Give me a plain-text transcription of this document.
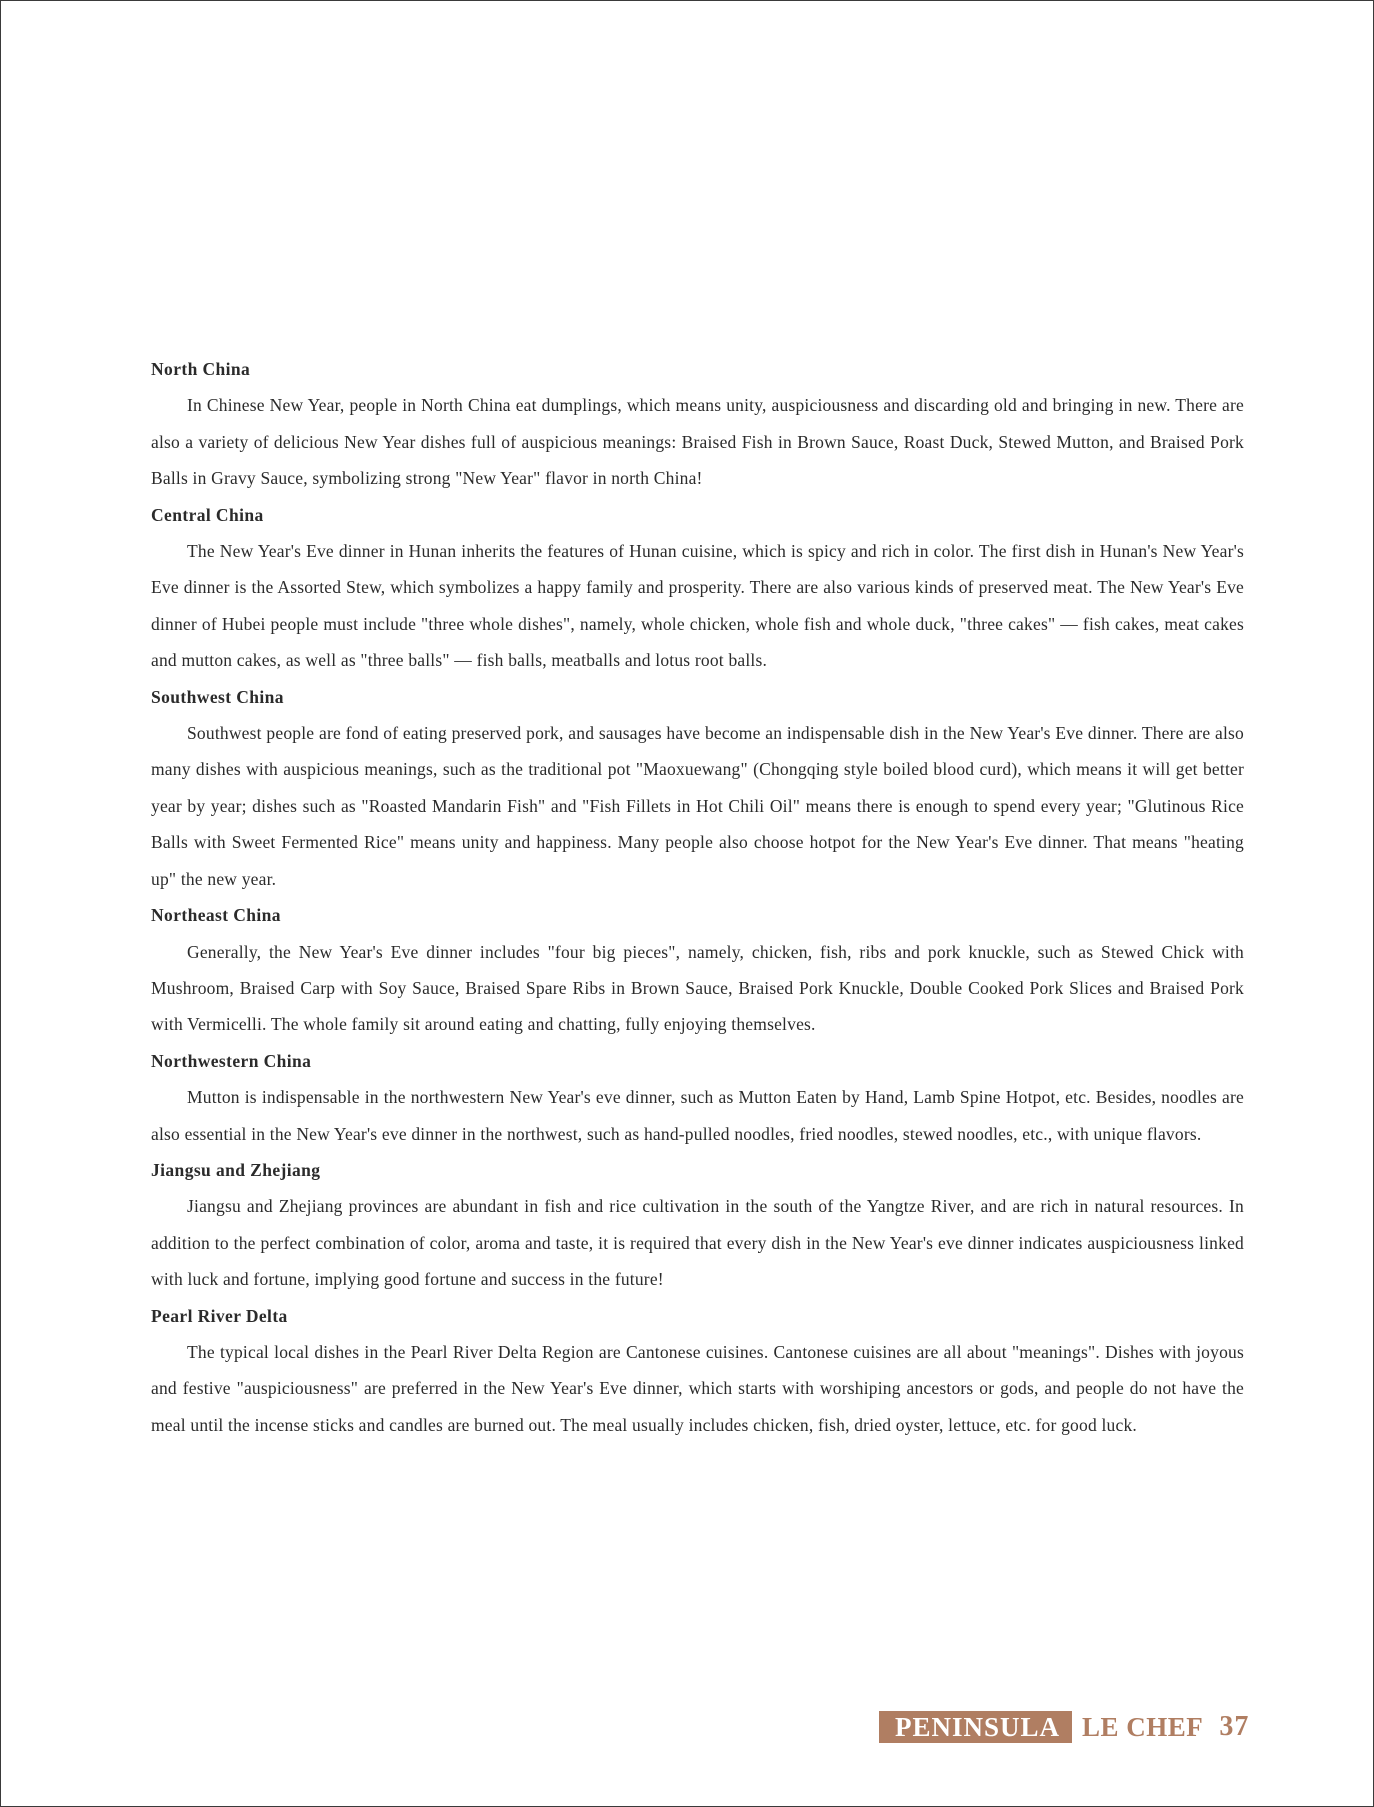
North China

In Chinese New Year, people in North China eat dumplings, which means unity, auspiciousness and discarding old and bringing in new. There are also a variety of delicious New Year dishes full of auspicious meanings: Braised Fish in Brown Sauce, Roast Duck, Stewed Mutton, and Braised Pork Balls in Gravy Sauce, symbolizing strong "New Year" flavor in north China!

Central China

The New Year's Eve dinner in Hunan inherits the features of Hunan cuisine, which is spicy and rich in color. The first dish in Hunan's New Year's Eve dinner is the Assorted Stew, which symbolizes a happy family and prosperity. There are also various kinds of preserved meat. The New Year's Eve dinner of Hubei people must include "three whole dishes", namely, whole chicken, whole fish and whole duck, "three cakes" — fish cakes, meat cakes and mutton cakes, as well as "three balls" — fish balls, meatballs and lotus root balls.

Southwest China

Southwest people are fond of eating preserved pork, and sausages have become an indispensable dish in the New Year's Eve dinner. There are also many dishes with auspicious meanings, such as the traditional pot "Maoxuewang" (Chongqing style boiled blood curd), which means it will get better year by year; dishes such as "Roasted Mandarin Fish" and "Fish Fillets in Hot Chili Oil" means there is enough to spend every year; "Glutinous Rice Balls with Sweet Fermented Rice" means unity and happiness. Many people also choose hotpot for the New Year's Eve dinner. That means "heating up" the new year.

Northeast China

Generally, the New Year's Eve dinner includes "four big pieces", namely, chicken, fish, ribs and pork knuckle, such as Stewed Chick with Mushroom, Braised Carp with Soy Sauce, Braised Spare Ribs in Brown Sauce, Braised Pork Knuckle, Double Cooked Pork Slices and Braised Pork with Vermicelli. The whole family sit around eating and chatting, fully enjoying themselves.

Northwestern China

Mutton is indispensable in the northwestern New Year's eve dinner, such as Mutton Eaten by Hand, Lamb Spine Hotpot, etc. Besides, noodles are also essential in the New Year's eve dinner in the northwest, such as hand-pulled noodles, fried noodles, stewed noodles, etc., with unique flavors.

Jiangsu and Zhejiang

Jiangsu and Zhejiang provinces are abundant in fish and rice cultivation in the south of the Yangtze River, and are rich in natural resources. In addition to the perfect combination of color, aroma and taste, it is required that every dish in the New Year's eve dinner indicates auspiciousness linked with luck and fortune, implying good fortune and success in the future!

Pearl River Delta

The typical local dishes in the Pearl River Delta Region are Cantonese cuisines. Cantonese cuisines are all about "meanings". Dishes with joyous and festive "auspiciousness" are preferred in the New Year's Eve dinner, which starts with worshiping ancestors or gods, and people do not have the meal until the incense sticks and candles are burned out. The meal usually includes chicken, fish, dried oyster, lettuce, etc. for good luck.

PENINSULA LE CHEF 37
